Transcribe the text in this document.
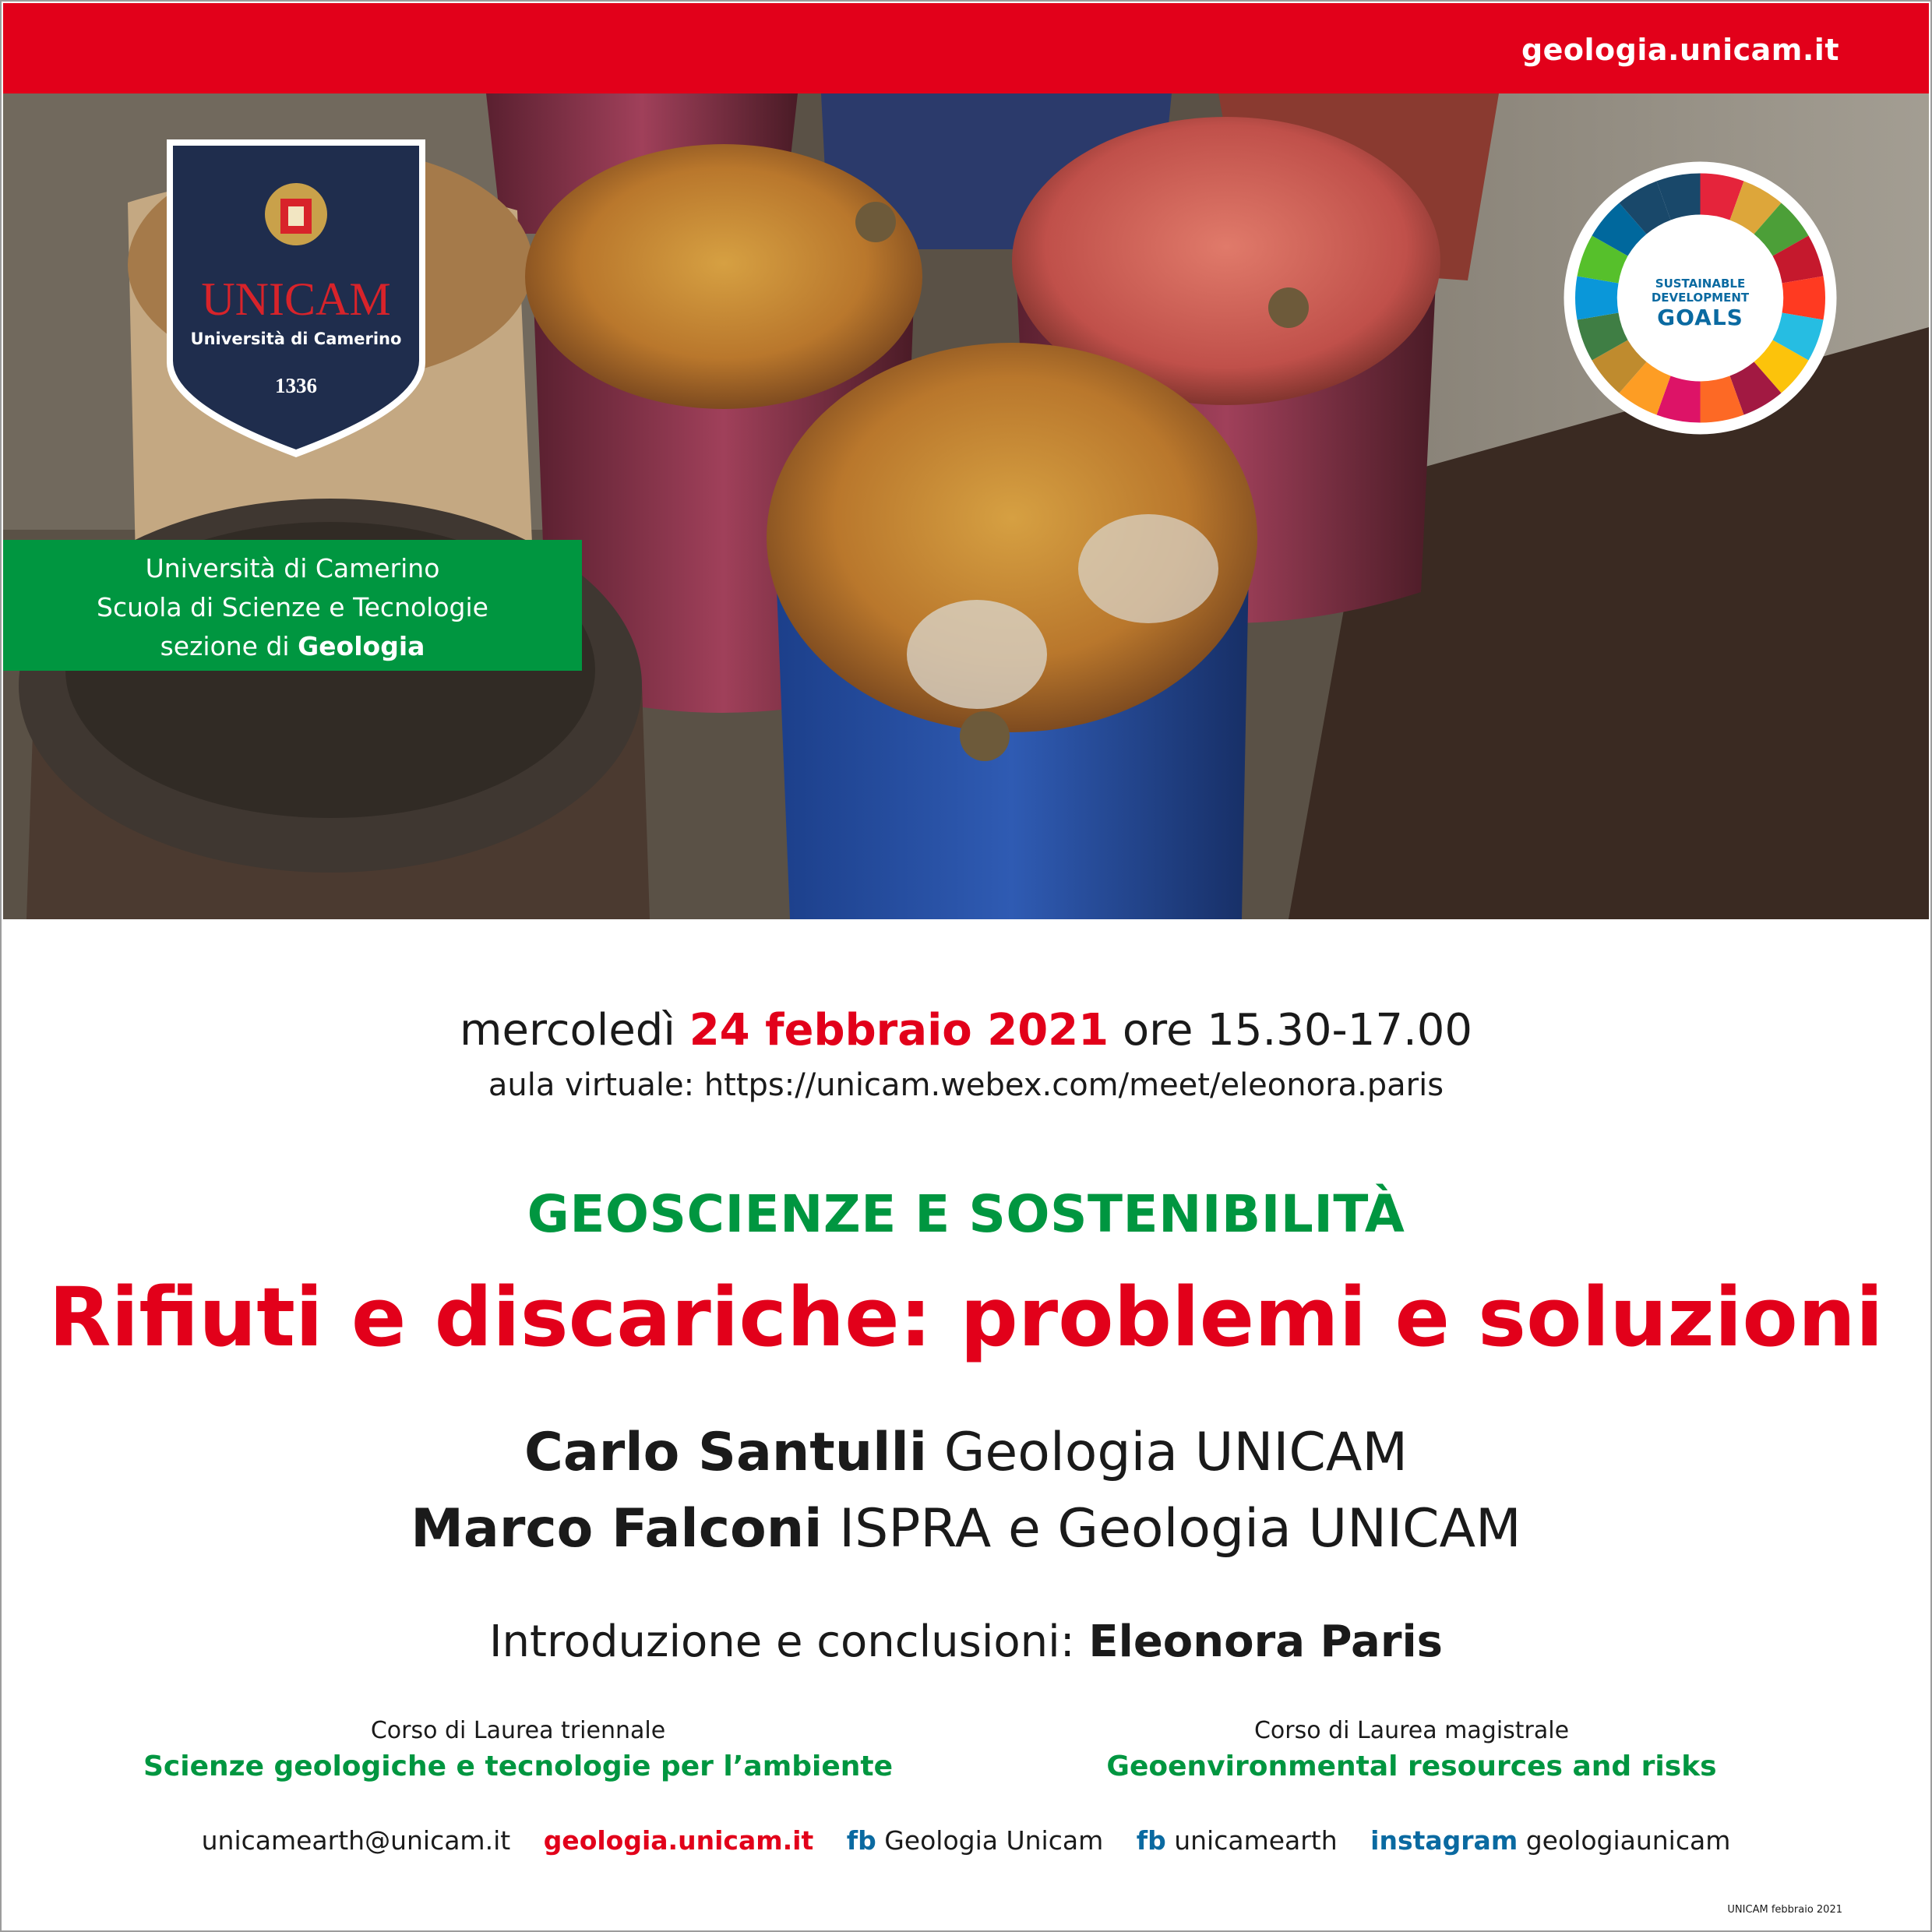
geologia.unicam.it
UNICAM
Università di Camerino
1336
Università di Camerino
Scuola di Scienze e Tecnologie
sezione di Geologia
SUSTAINABLE
DEVELOPMENT
GOALS
mercoledì 24 febbraio 2021 ore 15.30-17.00
aula virtuale: https://unicam.webex.com/meet/eleonora.paris
GEOSCIENZE E SOSTENIBILITÀ
Rifiuti e discariche: problemi e soluzioni
Carlo Santulli Geologia UNICAM
Marco Falconi ISPRA e Geologia UNICAM
Introduzione e conclusioni: Eleonora Paris
Corso di Laurea triennale
Scienze geologiche e tecnologie per l’ambiente
Corso di Laurea magistrale
Geoenvironmental resources and risks
unicamearth@unicam.it geologia.unicam.it fb Geologia Unicam fb unicamearth instagram geologiaunicam
UNICAM febbraio 2021
